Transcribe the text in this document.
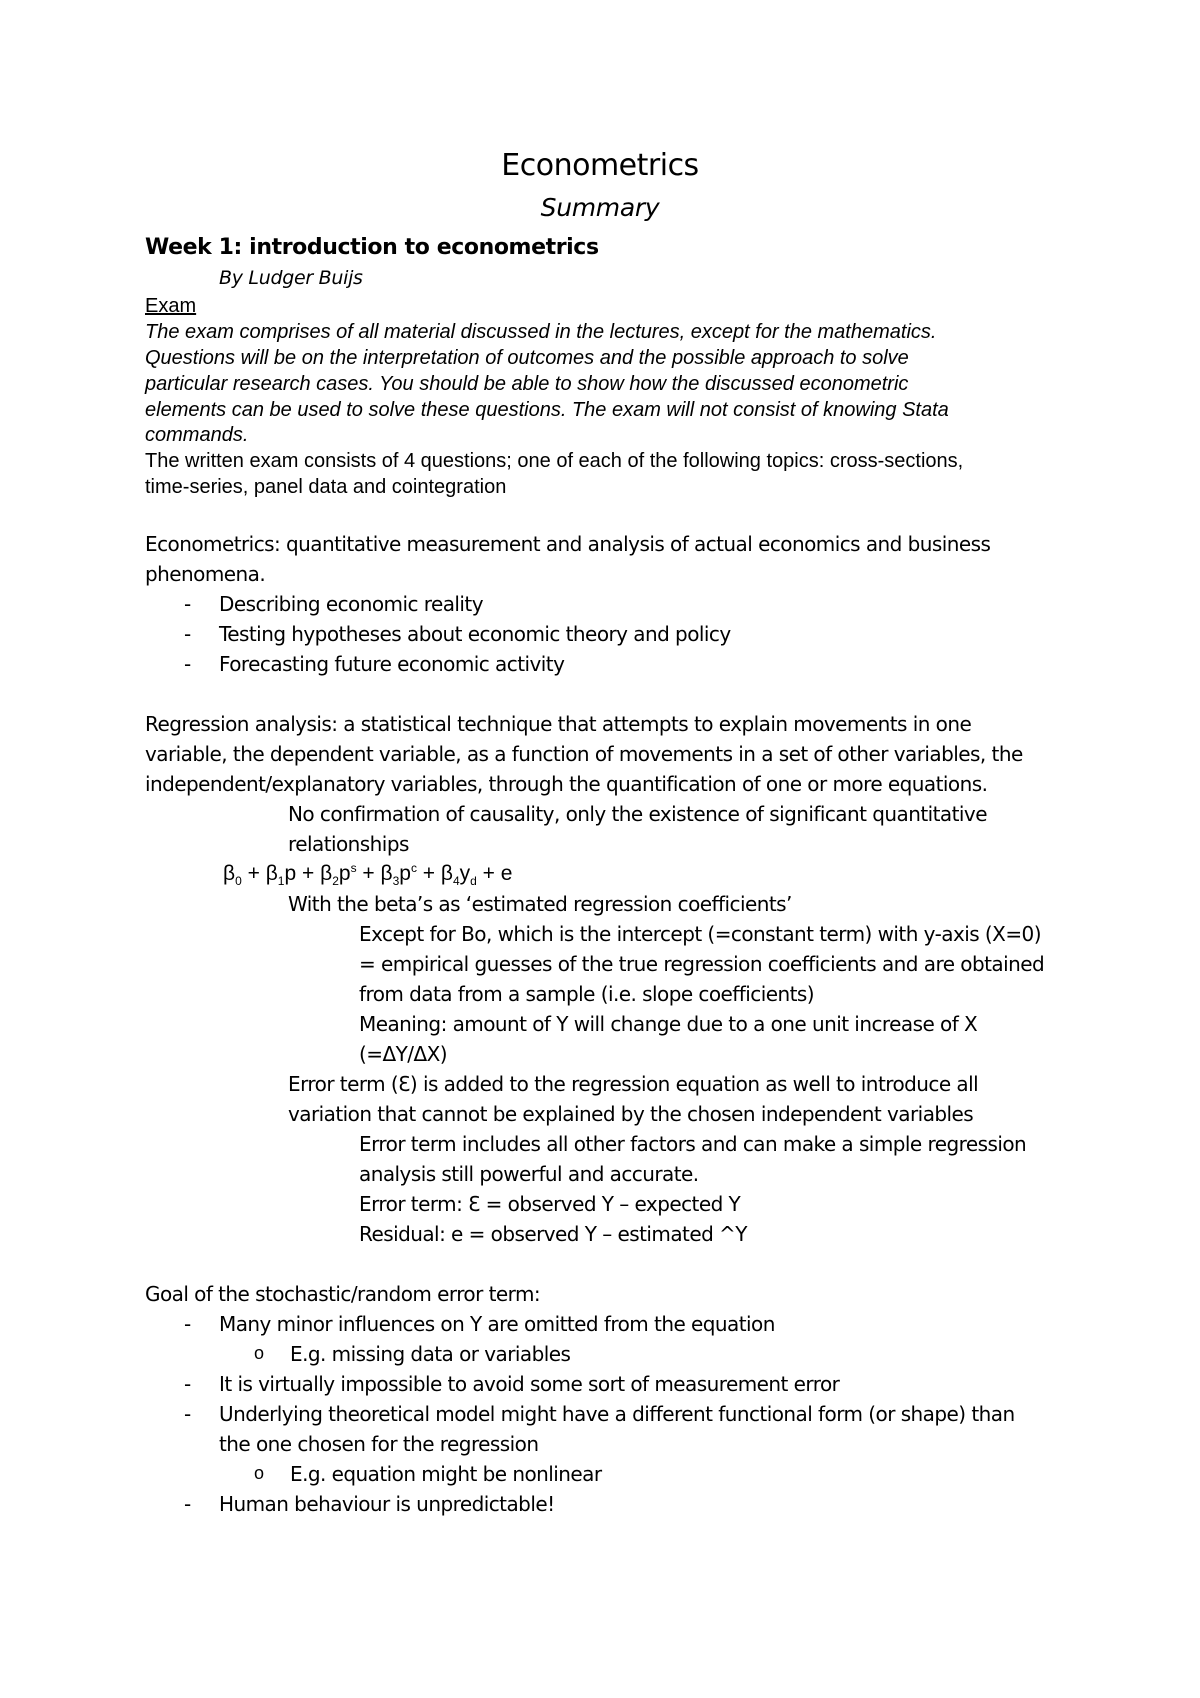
Econometrics
Summary
Week 1: introduction to econometrics
By Ludger Buijs
Exam
The exam comprises of all material discussed in the lectures, except for the mathematics.
Questions will be on the interpretation of outcomes and the possible approach to solve
particular research cases. You should be able to show how the discussed econometric
elements can be used to solve these questions. The exam will not consist of knowing Stata
commands.
The written exam consists of 4 questions; one of each of the following topics: cross-sections,
time-series, panel data and cointegration
Econometrics: quantitative measurement and analysis of actual economics and business
phenomena.
- Describing economic reality
- Testing hypotheses about economic theory and policy
- Forecasting future economic activity
Regression analysis: a statistical technique that attempts to explain movements in one
variable, the dependent variable, as a function of movements in a set of other variables, the
independent/explanatory variables, through the quantification of one or more equations.
No confirmation of causality, only the existence of significant quantitative
relationships
$\beta_0 + \beta_1p + \beta_2p^s + \beta_3p^c + \beta_4y_d + e$
With the beta’s as ‘estimated regression coefficients’
Except for Bo, which is the intercept (=constant term) with y-axis (X=0)
= empirical guesses of the true regression coefficients and are obtained
from data from a sample (i.e. slope coefficients)
Meaning: amount of Y will change due to a one unit increase of X
(=ΔY/ΔX)
Error term (Ɛ) is added to the regression equation as well to introduce all
variation that cannot be explained by the chosen independent variables
Error term includes all other factors and can make a simple regression
analysis still powerful and accurate.
Error term: Ɛ = observed Y – expected Y
Residual: e = observed Y – estimated ^Y
Goal of the stochastic/random error term:
- Many minor influences on Y are omitted from the equation
o E.g. missing data or variables
- It is virtually impossible to avoid some sort of measurement error
- Underlying theoretical model might have a different functional form (or shape) than
the one chosen for the regression
o E.g. equation might be nonlinear
- Human behaviour is unpredictable!
